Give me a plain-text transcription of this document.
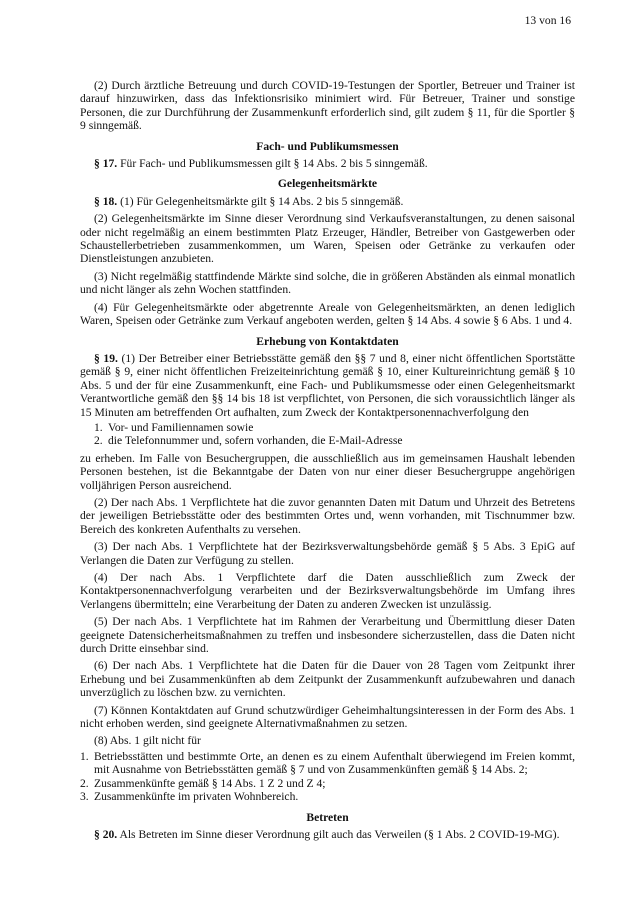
13 von 16

(2) Durch ärztliche Betreuung und durch COVID-19-Testungen der Sportler, Betreuer und Trainer ist darauf hinzuwirken, dass das Infektionsrisiko minimiert wird. Für Betreuer, Trainer und sonstige Personen, die zur Durchführung der Zusammenkunft erforderlich sind, gilt zudem § 11, für die Sportler § 9 sinngemäß.

Fach- und Publikumsmessen

§ 17. Für Fach- und Publikumsmessen gilt § 14 Abs. 2 bis 5 sinngemäß.

Gelegenheitsmärkte

§ 18. (1) Für Gelegenheitsmärkte gilt § 14 Abs. 2 bis 5 sinngemäß.

(2) Gelegenheitsmärkte im Sinne dieser Verordnung sind Verkaufsveranstaltungen, zu denen saisonal oder nicht regelmäßig an einem bestimmten Platz Erzeuger, Händler, Betreiber von Gastgewerben oder Schaustellerbetrieben zusammenkommen, um Waren, Speisen oder Getränke zu verkaufen oder Dienstleistungen anzubieten.

(3) Nicht regelmäßig stattfindende Märkte sind solche, die in größeren Abständen als einmal monatlich und nicht länger als zehn Wochen stattfinden.

(4) Für Gelegenheitsmärkte oder abgetrennte Areale von Gelegenheitsmärkten, an denen lediglich Waren, Speisen oder Getränke zum Verkauf angeboten werden, gelten § 14 Abs. 4 sowie § 6 Abs. 1 und 4.

Erhebung von Kontaktdaten

§ 19. (1) Der Betreiber einer Betriebsstätte gemäß den §§ 7 und 8, einer nicht öffentlichen Sportstätte gemäß § 9, einer nicht öffentlichen Freizeiteinrichtung gemäß § 10, einer Kultureinrichtung gemäß § 10 Abs. 5 und der für eine Zusammenkunft, eine Fach- und Publikumsmesse oder einen Gelegenheitsmarkt Verantwortliche gemäß den §§ 14 bis 18 ist verpflichtet, von Personen, die sich voraussichtlich länger als 15 Minuten am betreffenden Ort aufhalten, zum Zweck der Kontaktpersonennachverfolgung den

1. Vor- und Familiennamen sowie
2. die Telefonnummer und, sofern vorhanden, die E-Mail-Adresse

zu erheben. Im Falle von Besuchergruppen, die ausschließlich aus im gemeinsamen Haushalt lebenden Personen bestehen, ist die Bekanntgabe der Daten von nur einer dieser Besuchergruppe angehörigen volljährigen Person ausreichend.

(2) Der nach Abs. 1 Verpflichtete hat die zuvor genannten Daten mit Datum und Uhrzeit des Betretens der jeweiligen Betriebsstätte oder des bestimmten Ortes und, wenn vorhanden, mit Tischnummer bzw. Bereich des konkreten Aufenthalts zu versehen.

(3) Der nach Abs. 1 Verpflichtete hat der Bezirksverwaltungsbehörde gemäß § 5 Abs. 3 EpiG auf Verlangen die Daten zur Verfügung zu stellen.

(4) Der nach Abs. 1 Verpflichtete darf die Daten ausschließlich zum Zweck der Kontaktpersonennachverfolgung verarbeiten und der Bezirksverwaltungsbehörde im Umfang ihres Verlangens übermitteln; eine Verarbeitung der Daten zu anderen Zwecken ist unzulässig.

(5) Der nach Abs. 1 Verpflichtete hat im Rahmen der Verarbeitung und Übermittlung dieser Daten geeignete Datensicherheitsmaßnahmen zu treffen und insbesondere sicherzustellen, dass die Daten nicht durch Dritte einsehbar sind.

(6) Der nach Abs. 1 Verpflichtete hat die Daten für die Dauer von 28 Tagen vom Zeitpunkt ihrer Erhebung und bei Zusammenkünften ab dem Zeitpunkt der Zusammenkunft aufzubewahren und danach unverzüglich zu löschen bzw. zu vernichten.

(7) Können Kontaktdaten auf Grund schutzwürdiger Geheimhaltungsinteressen in der Form des Abs. 1 nicht erhoben werden, sind geeignete Alternativmaßnahmen zu setzen.

(8) Abs. 1 gilt nicht für

1. Betriebsstätten und bestimmte Orte, an denen es zu einem Aufenthalt überwiegend im Freien kommt, mit Ausnahme von Betriebsstätten gemäß § 7 und von Zusammenkünften gemäß § 14 Abs. 2;
2. Zusammenkünfte gemäß § 14 Abs. 1 Z 2 und Z 4;
3. Zusammenkünfte im privaten Wohnbereich.
Betreten

§ 20. Als Betreten im Sinne dieser Verordnung gilt auch das Verweilen (§ 1 Abs. 2 COVID-19-MG).
